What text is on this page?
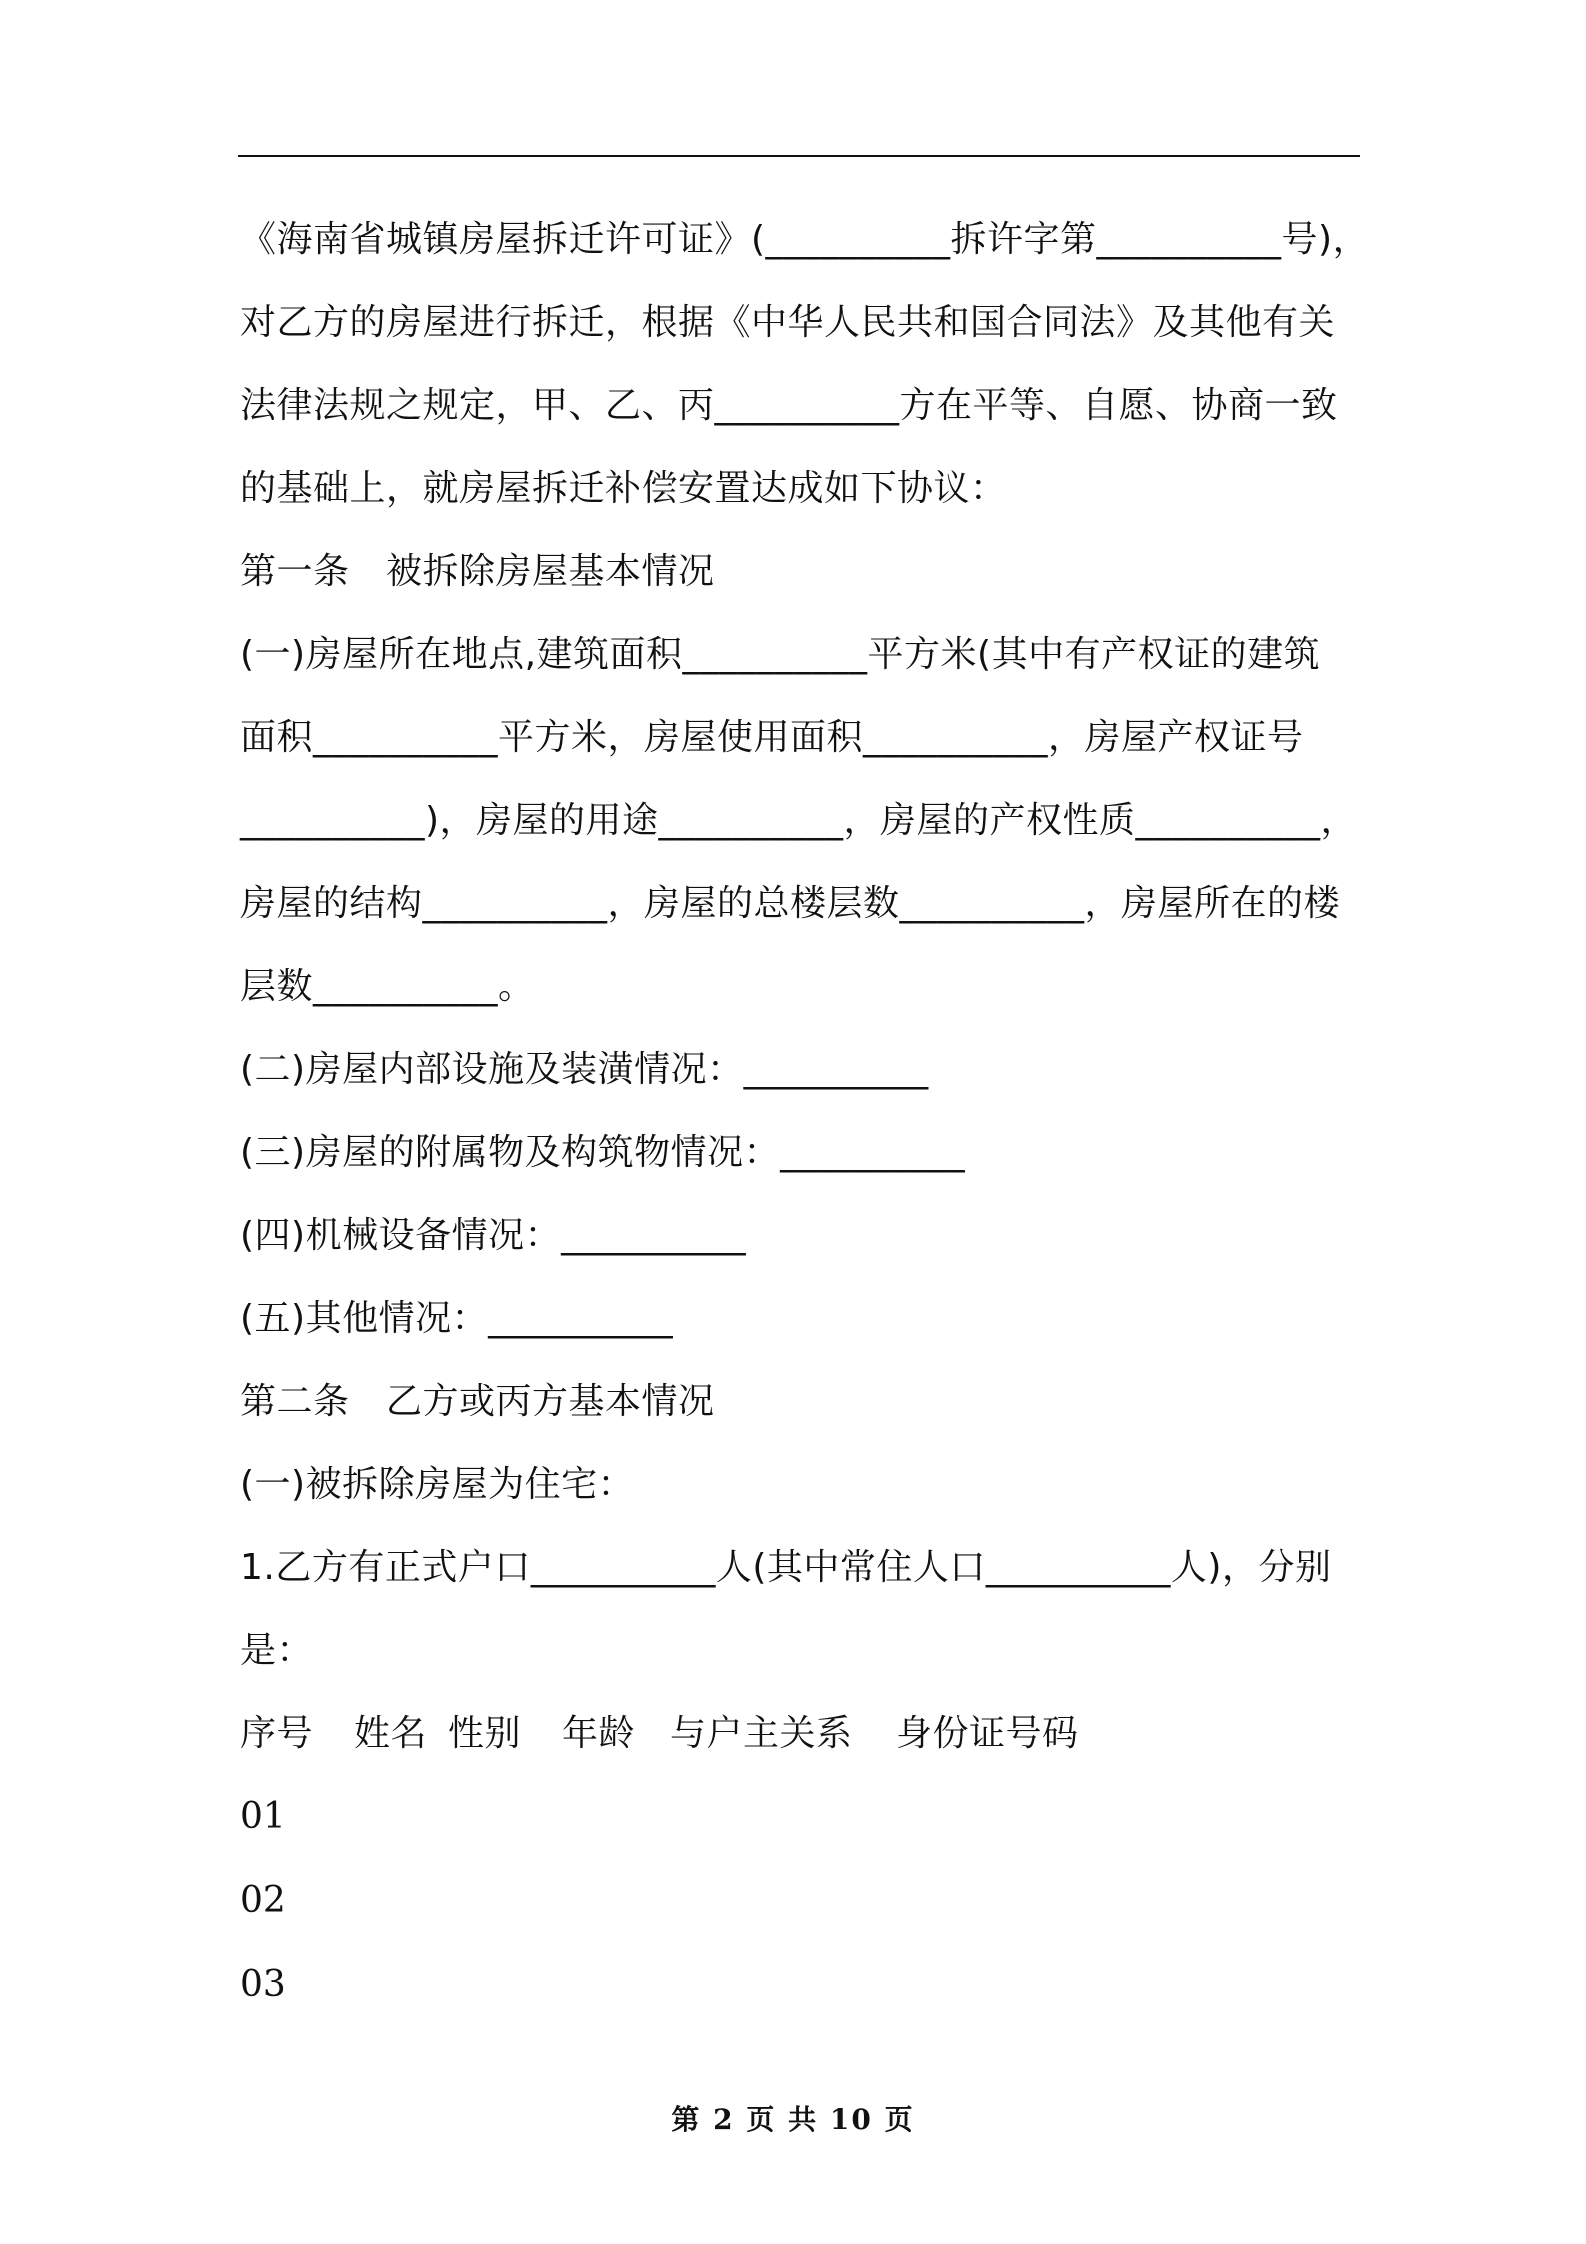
《海南省城镇房屋拆迁许可证》(__________拆许字第__________号)，
对乙方的房屋进行拆迁，根据《中华人民共和国合同法》及其他有关
法律法规之规定，甲、乙、丙__________方在平等、自愿、协商一致
的基础上，就房屋拆迁补偿安置达成如下协议：
第一条　被拆除房屋基本情况
(一)房屋所在地点,建筑面积__________平方米(其中有产权证的建筑
面积__________平方米，房屋使用面积__________，房屋产权证号
__________)，房屋的用途__________，房屋的产权性质__________，
房屋的结构__________，房屋的总楼层数__________，房屋所在的楼
层数__________。
(二)房屋内部设施及装潢情况：__________
(三)房屋的附属物及构筑物情况：__________
(四)机械设备情况：__________
(五)其他情况：__________
第二条　乙方或丙方基本情况
(一)被拆除房屋为住宅：
1.乙方有正式户口__________人(其中常住人口__________人)，分别
是：
序号 姓名 性别 年龄 与户主关系 身份证号码
01
02
03
第 2 页 共 10 页
